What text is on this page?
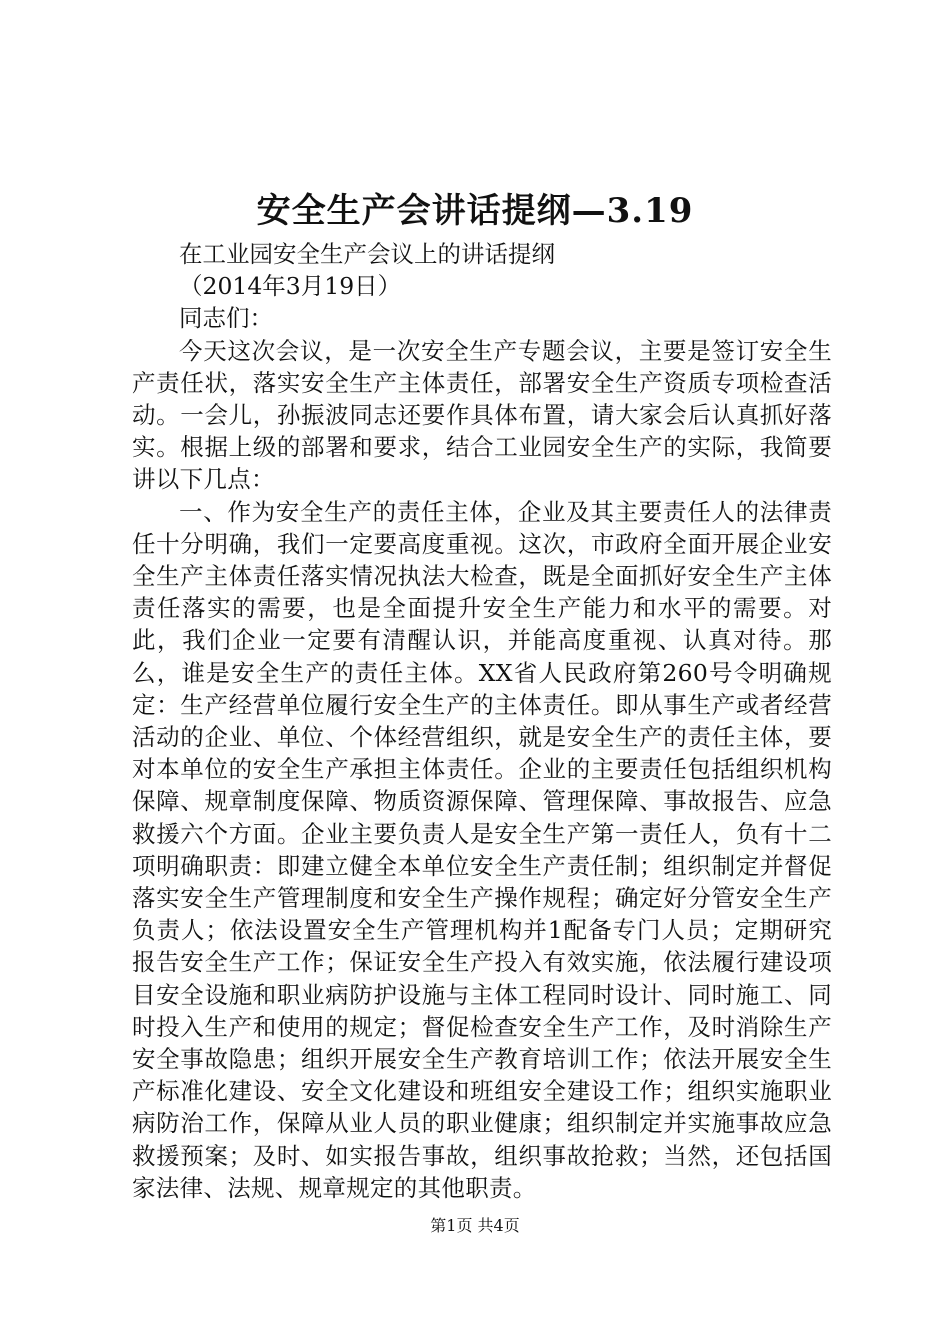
安全生产会讲话提纲—3.19
在工业园安全生产会议上的讲话提纲
（2014年3月19日）
同志们：

今天这次会议，是一次安全生产专题会议，主要是签订安全生产责任状，落实安全生产主体责任，部署安全生产资质专项检查活动。一会儿，孙振波同志还要作具体布置，请大家会后认真抓好落实。根据上级的部署和要求，结合工业园安全生产的实际，我简要讲以下几点：

一、作为安全生产的责任主体，企业及其主要责任人的法律责任十分明确，我们一定要高度重视。这次，市政府全面开展企业安全生产主体责任落实情况执法大检查，既是全面抓好安全生产主体责任落实的需要，也是全面提升安全生产能力和水平的需要。对此，我们企业一定要有清醒认识，并能高度重视、认真对待。那么，谁是安全生产的责任主体。XX省人民政府第260号令明确规定：生产经营单位履行安全生产的主体责任。即从事生产或者经营活动的企业、单位、个体经营组织，就是安全生产的责任主体，要对本单位的安全生产承担主体责任。企业的主要责任包括组织机构保障、规章制度保障、物质资源保障、管理保障、事故报告、应急救援六个方面。企业主要负责人是安全生产第一责任人，负有十二项明确职责：即建立健全本单位安全生产责任制；组织制定并督促落实安全生产管理制度和安全生产操作规程；确定好分管安全生产负责人；依法设置安全生产管理机构并1配备专门人员；定期研究报告安全生产工作；保证安全生产投入有效实施，依法履行建设项目安全设施和职业病防护设施与主体工程同时设计、同时施工、同时投入生产和使用的规定；督促检查安全生产工作，及时消除生产安全事故隐患；组织开展安全生产教育培训工作；依法开展安全生产标准化建设、安全文化建设和班组安全建设工作；组织实施职业病防治工作，保障从业人员的职业健康；组织制定并实施事故应急救援预案；及时、如实报告事故，组织事故抢救；当然，还包括国家法律、法规、规章规定的其他职责。

第1页 共4页
